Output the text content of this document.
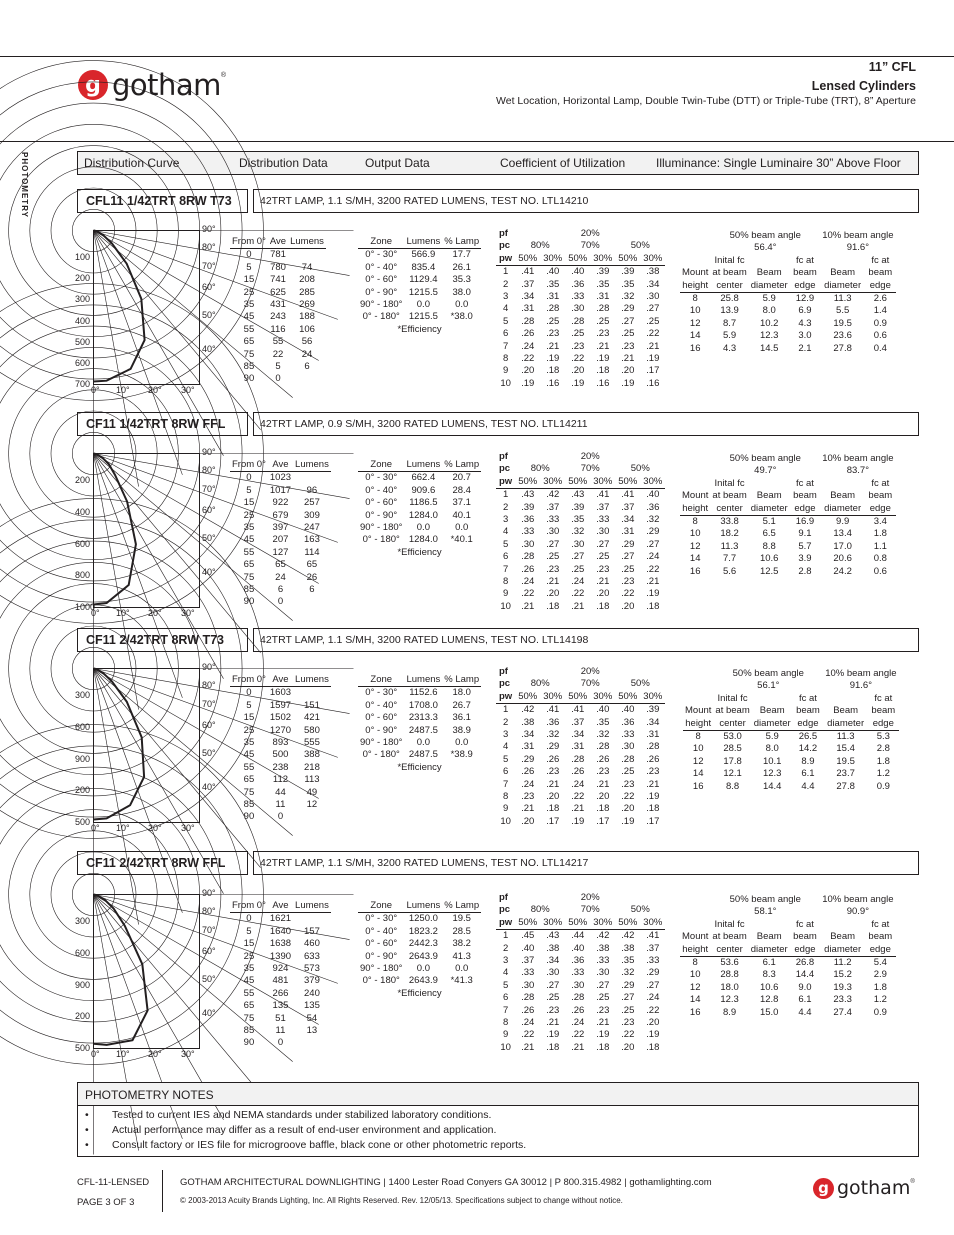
g gotham ®
11” CFL
Lensed Cylinders
Wet Location, Horizontal Lamp, Double Twin-Tube (DTT) or Triple-Tube (TRT), 8” Aperture
PHOTOMETRY	Distribution Curve	Distribution Data	Output Data	Coefficient of Utilization	Illuminance: Single Luminaire 30” Above Floor
CFL11 1/42TRT 8RW T73	42TRT LAMP, 1.1 S/MH, 3200 RATED LUMENS, TEST NO. LTL14210
100
200
300
400
500
600
700
90°
80°
70°
60°
50°
40°
0° 10° 20° 30°
From 0°	Ave	Lumens
0	781	
5	780	74
15	741	208
25	625	285
35	431	269
45	243	188
55	116	106
65	55	56
75	22	24
85	5	6
90	0	
Zone	Lumens	% Lamp
0° - 30°	566.9	17.7
0° - 40°	835.4	26.1
0° - 60°	1129.4	35.3
0° - 90°	1215.5	38.0
90° - 180°	0.0	0.0
0° - 180°	1215.5	*38.0
*Efficiency		
pf	20%					
pc	80%		70%		50%	
pw	50%	30%	50%	30%	50%	30%
1	.41	.40	.40	.39	.39	.38
2	.37	.35	.36	.35	.35	.34
3	.34	.31	.33	.31	.32	.30
4	.31	.28	.30	.28	.29	.27
5	.28	.25	.28	.25	.27	.25
6	.26	.23	.25	.23	.25	.22
7	.24	.21	.23	.21	.23	.21
8	.22	.19	.22	.19	.21	.19
9	.20	.18	.20	.18	.20	.17
10	.19	.16	.19	.16	.19	.16
	50% beam angle			10% beam angle	
	56.4°			91.6°	
	Inital fc		fc at		fc at
Mount	at beam	Beam	beam	Beam	beam
height	center	diameter	edge	diameter	edge
8	25.8	5.9	12.9	11.3	2.6
10	13.9	8.0	6.9	5.5	1.4
12	8.7	10.2	4.3	19.5	0.9
14	5.9	12.3	3.0	23.6	0.6
16	4.3	14.5	2.1	27.8	0.4
CF11 1/42TRT 8RW FFL	42TRT LAMP, 0.9 S/MH, 3200 RATED LUMENS, TEST NO. LTL14211
200
400
600
800
1000
90°
80°
70°
60°
50°
40°
0° 10° 20° 30°
From 0°	Ave	Lumens
0	1023	
5	1017	96
15	922	257
25	679	309
35	397	247
45	207	163
55	127	114
65	65	65
75	24	26
85	6	6
90	0	
Zone	Lumens	% Lamp
0° - 30°	662.4	20.7
0° - 40°	909.6	28.4
0° - 60°	1186.5	37.1
0° - 90°	1284.0	40.1
90° - 180°	0.0	0.0
0° - 180°	1284.0	*40.1
*Efficiency		
pf	20%					
pc	80%		70%		50%	
pw	50%	30%	50%	30%	50%	30%
1	.43	.42	.43	.41	.41	.40
2	.39	.37	.39	.37	.37	.36
3	.36	.33	.35	.33	.34	.32
4	.33	.30	.32	.30	.31	.29
5	.30	.27	.30	.27	.29	.27
6	.28	.25	.27	.25	.27	.24
7	.26	.23	.25	.23	.25	.22
8	.24	.21	.24	.21	.23	.21
9	.22	.20	.22	.20	.22	.19
10	.21	.18	.21	.18	.20	.18
	50% beam angle			10% beam angle	
	49.7°			83.7°	
	Inital fc		fc at		fc at
Mount	at beam	Beam	beam	Beam	beam
height	center	diameter	edge	diameter	edge
8	33.8	5.1	16.9	9.9	3.4
10	18.2	6.5	9.1	13.4	1.8
12	11.3	8.8	5.7	17.0	1.1
14	7.7	10.6	3.9	20.6	0.8
16	5.6	12.5	2.8	24.2	0.6
CF11 2/42TRT 8RW T73	42TRT LAMP, 1.1 S/MH, 3200 RATED LUMENS, TEST NO. LTL14198
300
600
900
200
500
90°
80°
70°
60°
50°
40°
0° 10° 20° 30°
From 0°	Ave	Lumens
0	1603	
5	1597	151
15	1502	421
25	1270	580
35	893	555
45	500	388
55	238	218
65	112	113
75	44	49
85	11	12
90	0	
Zone	Lumens	% Lamp
0° - 30°	1152.6	18.0
0° - 40°	1708.0	26.7
0° - 60°	2313.3	36.1
0° - 90°	2487.5	38.9
90° - 180°	0.0	0.0
0° - 180°	2487.5	*38.9
*Efficiency		
pf	20%					
pc	80%		70%		50%	
pw	50%	30%	50%	30%	50%	30%
1	.42	.41	.41	.40	.40	.39
2	.38	.36	.37	.35	.36	.34
3	.34	.32	.34	.32	.33	.31
4	.31	.29	.31	.28	.30	.28
5	.29	.26	.28	.26	.28	.26
6	.26	.23	.26	.23	.25	.23
7	.24	.21	.24	.21	.23	.21
8	.23	.20	.22	.20	.22	.19
9	.21	.18	.21	.18	.20	.18
10	.20	.17	.19	.17	.19	.17
	50% beam angle			10% beam angle	
	56.1°			91.6°	
	Inital fc		fc at		fc at
Mount	at beam	Beam	beam	Beam	beam
height	center	diameter	edge	diameter	edge
8	53.0	5.9	26.5	11.3	5.3
10	28.5	8.0	14.2	15.4	2.8
12	17.8	10.1	8.9	19.5	1.8
14	12.1	12.3	6.1	23.7	1.2
16	8.8	14.4	4.4	27.8	0.9
CF11 2/42TRT 8RW FFL	42TRT LAMP, 1.1 S/MH, 3200 RATED LUMENS, TEST NO. LTL14217
300
600
900
200
500
90°
80°
70°
60°
50°
40°
0° 10° 20° 30°
From 0°	Ave	Lumens
0	1621	
5	1640	157
15	1638	460
25	1390	633
35	924	573
45	481	379
55	266	240
65	135	135
75	51	54
85	11	13
90	0	
Zone	Lumens	% Lamp
0° - 30°	1250.0	19.5
0° - 40°	1823.2	28.5
0° - 60°	2442.3	38.2
0° - 90°	2643.9	41.3
90° - 180°	0.0	0.0
0° - 180°	2643.9	*41.3
*Efficiency		
pf	20%					
pc	80%		70%		50%	
pw	50%	30%	50%	30%	50%	30%
1	.45	.43	.44	.42	.42	.41
2	.40	.38	.40	.38	.38	.37
3	.37	.34	.36	.33	.35	.33
4	.33	.30	.33	.30	.32	.29
5	.30	.27	.30	.27	.29	.27
6	.28	.25	.28	.25	.27	.24
7	.26	.23	.26	.23	.25	.22
8	.24	.21	.24	.21	.23	.20
9	.22	.19	.22	.19	.22	.19
10	.21	.18	.21	.18	.20	.18
	50% beam angle			10% beam angle	
	58.1°			90.9°	
	Inital fc		fc at		fc at
Mount	at beam	Beam	beam	Beam	beam
height	center	diameter	edge	diameter	edge
8	53.6	6.1	26.8	11.2	5.4
10	28.8	8.3	14.4	15.2	2.9
12	18.0	10.6	9.0	19.3	1.8
14	12.3	12.8	6.1	23.3	1.2
16	8.9	15.0	4.4	27.4	0.9
PHOTOMETRY NOTES
• Tested to current IES and NEMA standards under stabilized laboratory conditions.
• Actual performance may differ as a result of end-user environment and application.
• Consult factory or IES file for microgroove baffle, black cone or other photometric reports.
CFL-11-LENSED
PAGE 3 OF 3
GOTHAM ARCHITECTURAL DOWNLIGHTING | 1400 Lester Road Conyers GA 30012 | P 800.315.4982 | gothamlighting.com
© 2003-2013 Acuity Brands Lighting, Inc. All Rights Reserved. Rev. 12/05/13. Specifications subject to change without notice.
g gotham ®
